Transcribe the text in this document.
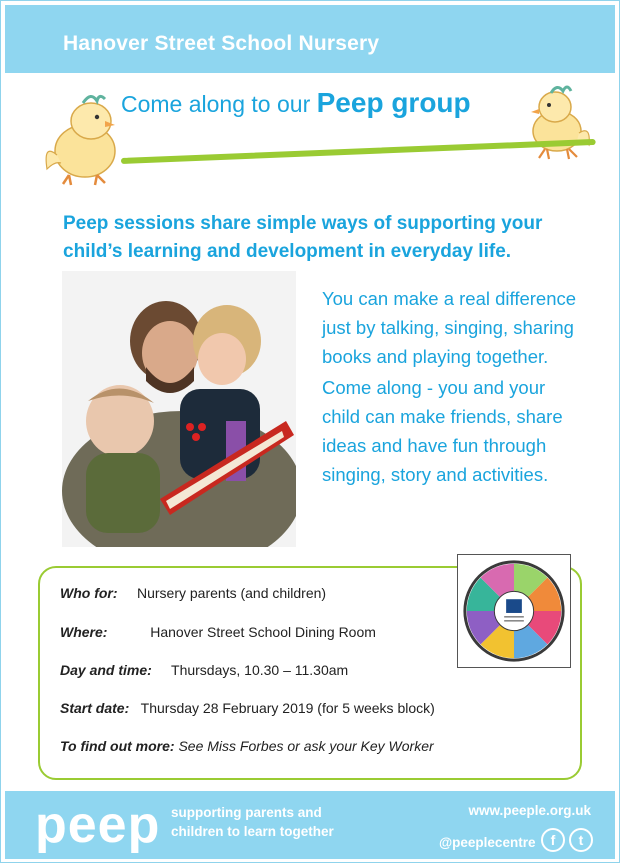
Hanover Street School Nursery
Come along to our Peep group
Peep sessions share simple ways of supporting your child’s learning and development in everyday life.

You can make a real difference just by talking, singing, sharing books and playing together.

Come along - you and your child can make friends, share ideas and have fun through singing, story and activities.

Who for: Nursery parents (and children)
Where:	Hanover Street School Dining Room
Day and time: Thursdays, 10.30 – 11.30am
Start date: Thursday 28 February 2019 (for 5 weeks block)
To find out more: See Miss Forbes or ask your Key Worker
peep supporting parents and
children to learn together
www.peeple.org.uk
@peeplecentre	f	t
